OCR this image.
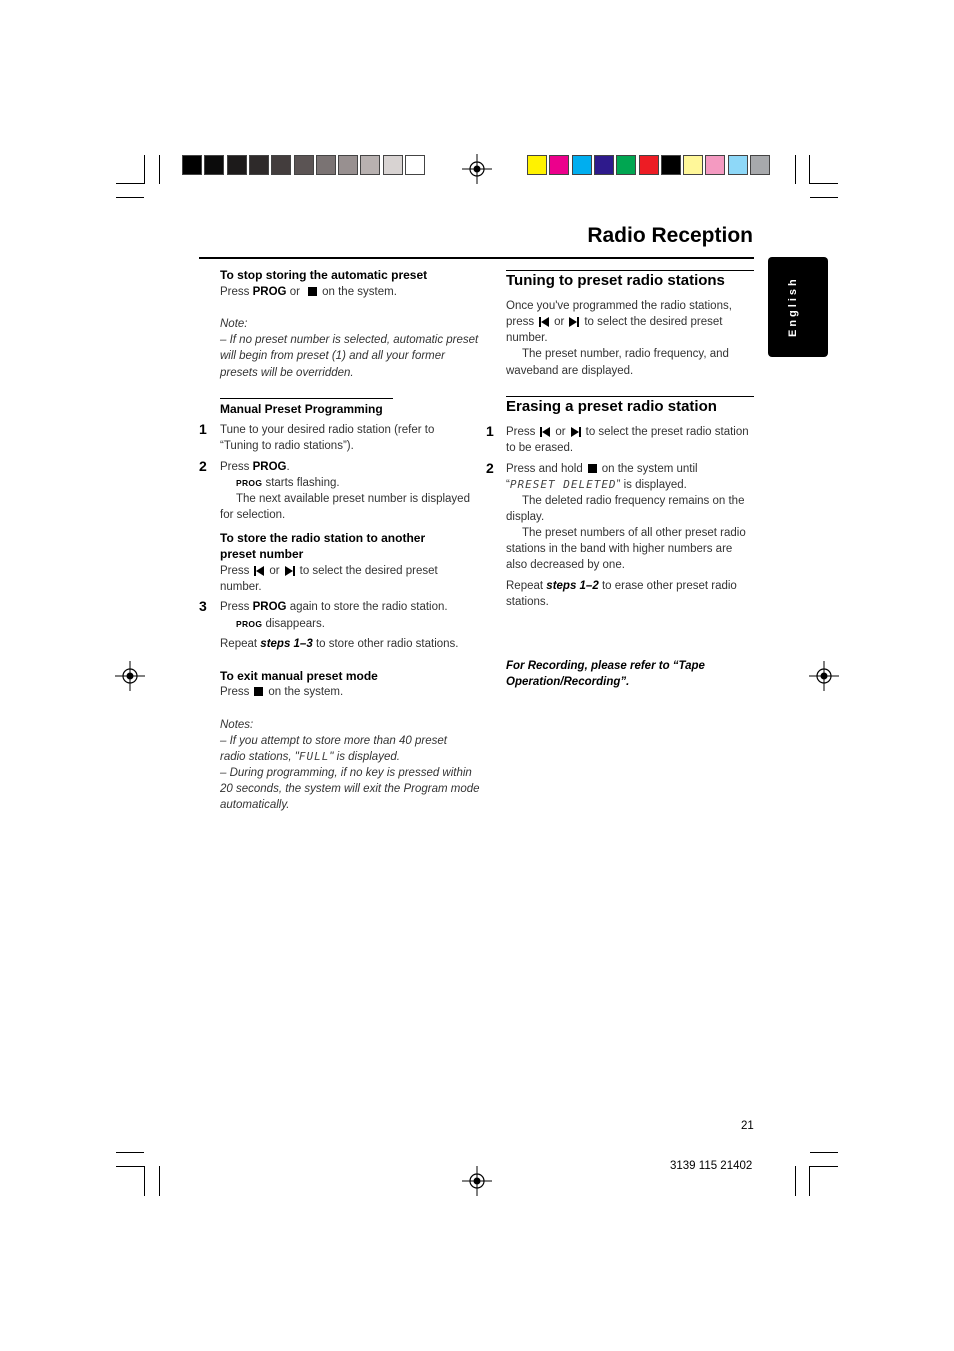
Radio Reception
English
To stop storing the automatic preset
Press PROG or on the system.
Note:
– If no preset number is selected, automatic preset
will begin from preset (1) and all your former
presets will be overridden.
Manual Preset Programming
1 Tune to your desired radio station (refer to
“Tuning to radio stations”).
2 Press PROG.
PROG starts flashing.
The next available preset number is displayed
for selection.
To store the radio station to another
preset number
Press or to select the desired preset
number.
3 Press PROG again to store the radio station.
PROG disappears.
Repeat steps 1–3 to store other radio stations.
To exit manual preset mode
Press on the system.
Notes:
– If you attempt to store more than 40 preset
radio stations, "FULL" is displayed.
– During programming, if no key is pressed within
20 seconds, the system will exit the Program mode
automatically.
Tuning to preset radio stations
Once you've programmed the radio stations,
press or to select the desired preset
number.
The preset number, radio frequency, and
waveband are displayed.
Erasing a preset radio station
1 Press or to select the preset radio station
to be erased.
2 Press and hold on the system until
“PRESET DELETED” is displayed.
The deleted radio frequency remains on the
display.
The preset numbers of all other preset radio
stations in the band with higher numbers are
also decreased by one.
Repeat steps 1–2 to erase other preset radio
stations.
For Recording, please refer to “Tape
Operation/Recording”.
21
3139 115 21402
